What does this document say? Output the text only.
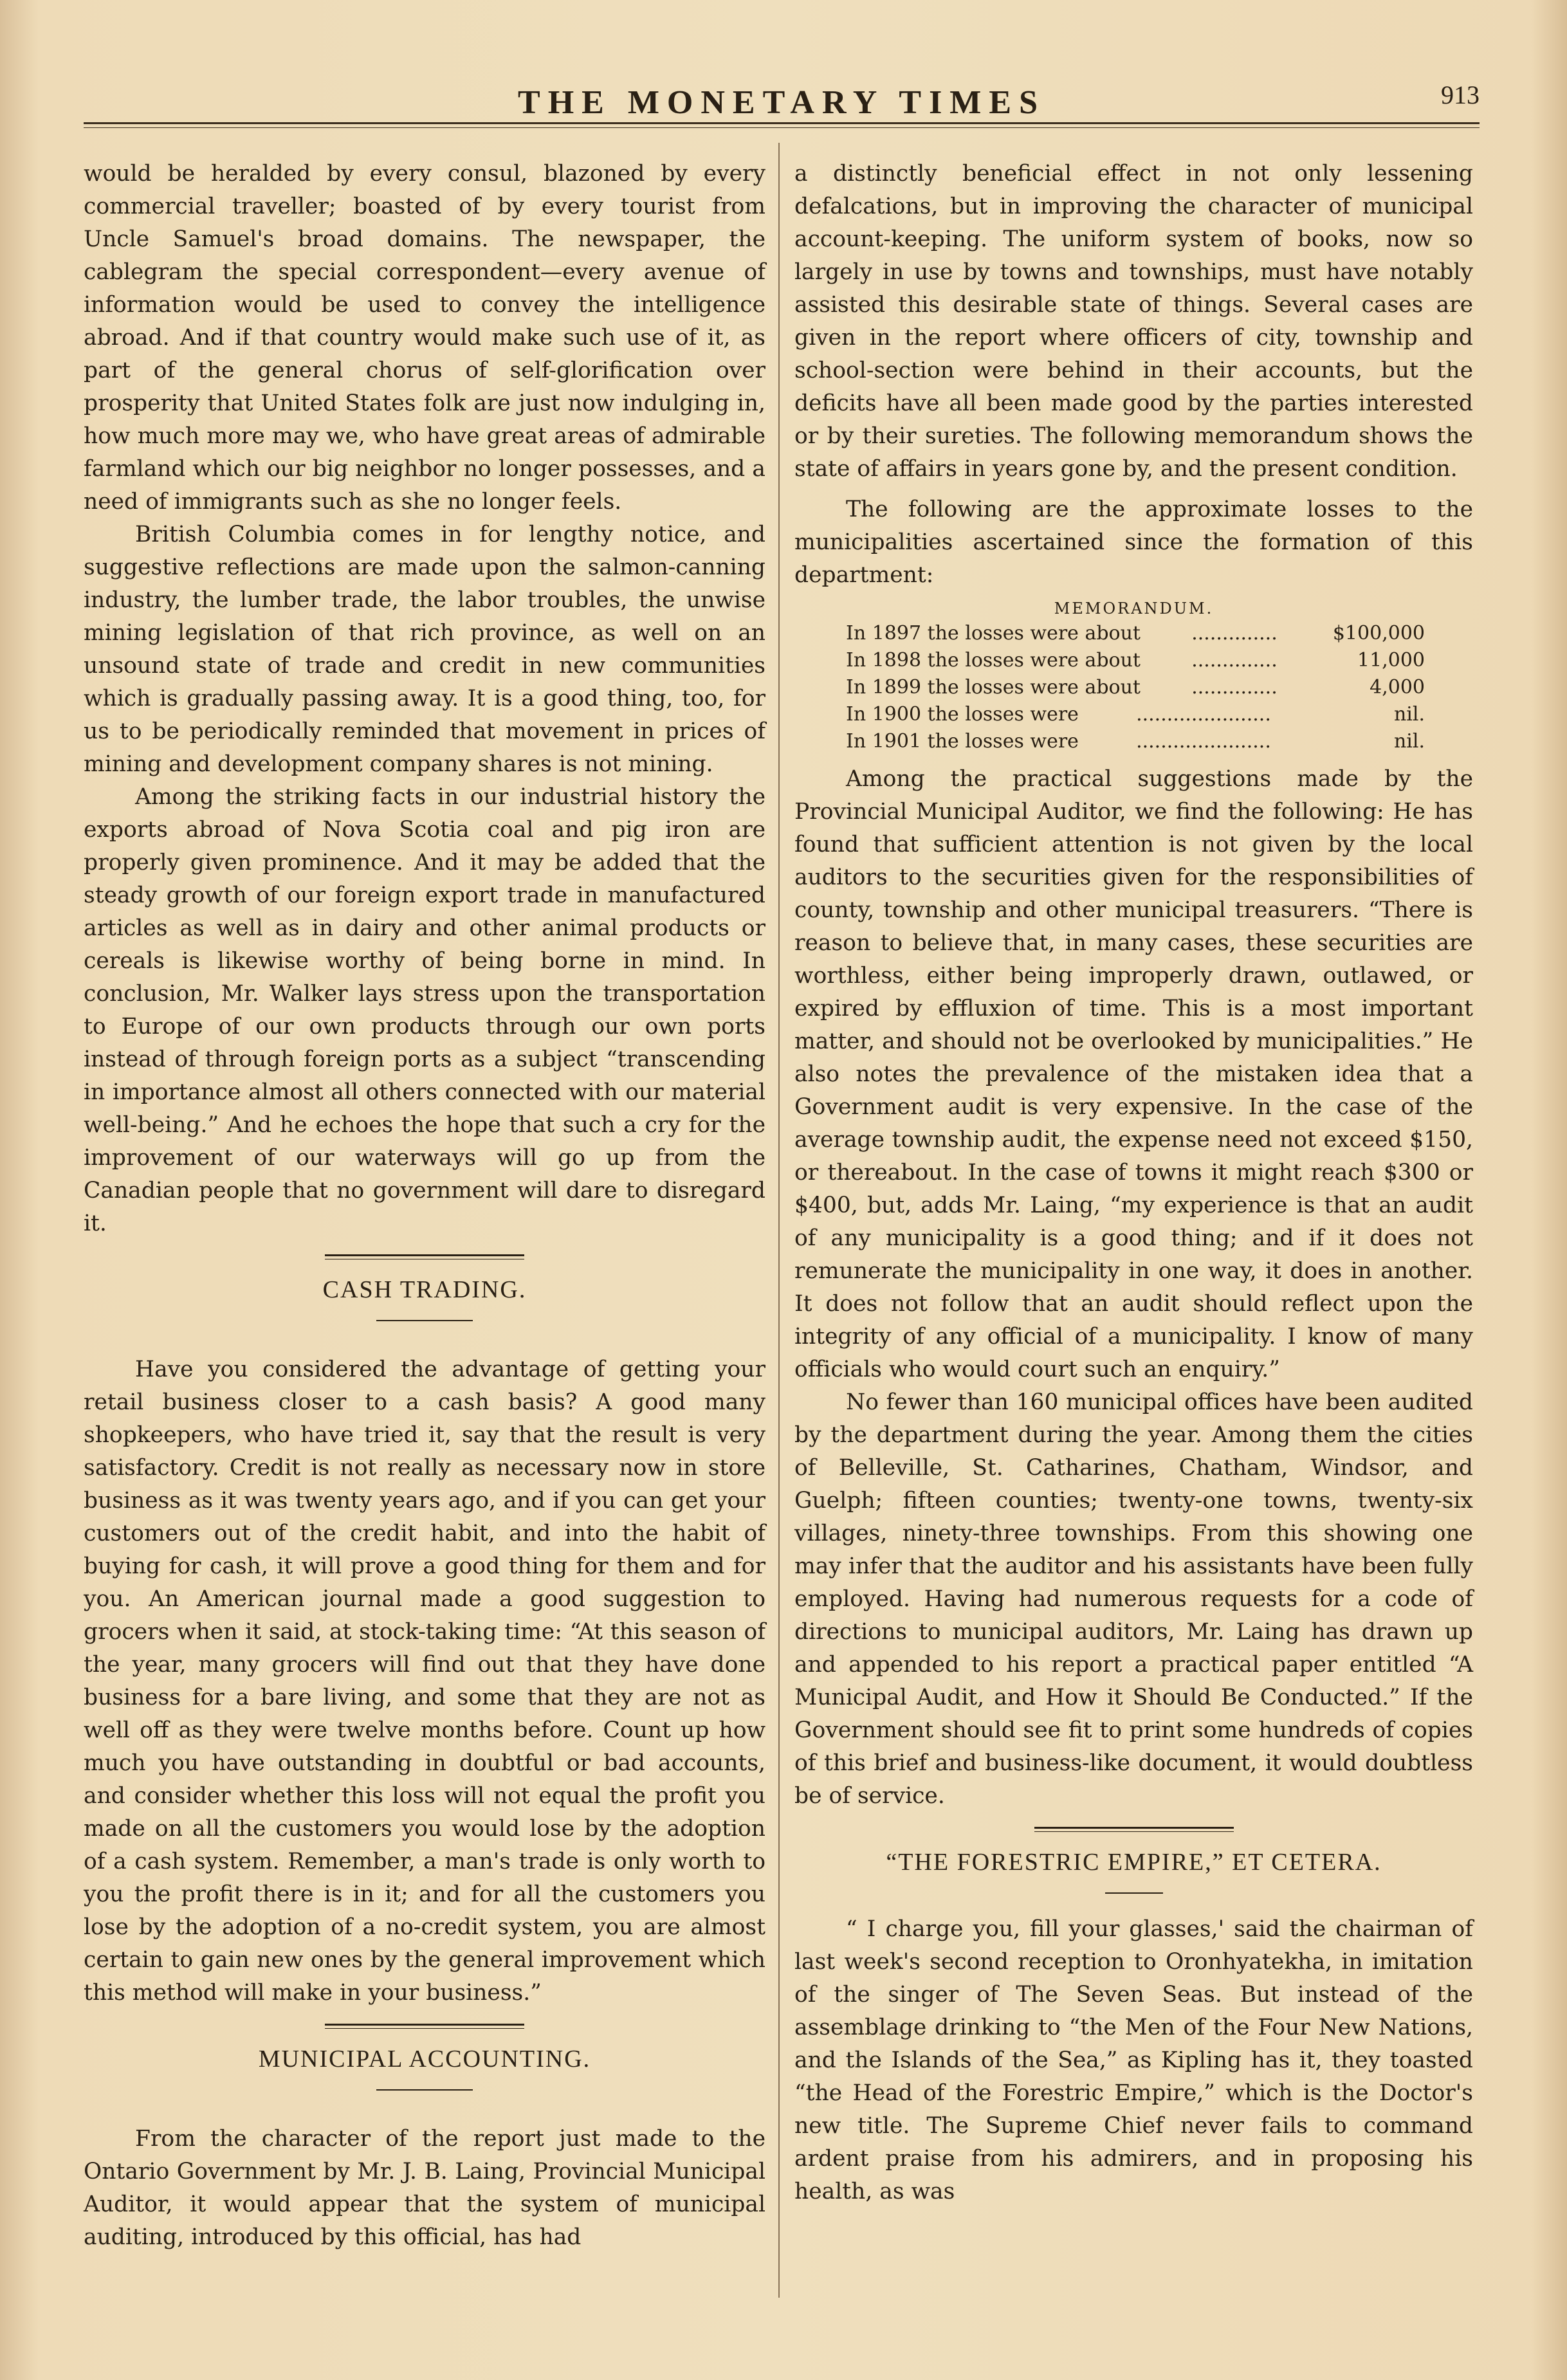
THE MONETARY TIMES	913

would be heralded by every consul, blazoned by every commercial traveller; boasted of by every tourist from Uncle Samuel's broad domains. The newspaper, the cablegram the special correspondent—every avenue of information would be used to convey the intelligence abroad. And if that country would make such use of it, as part of the general chorus of self-glorification over prosperity that United States folk are just now indulging in, how much more may we, who have great areas of admirable farmland which our big neighbor no longer possesses, and a need of immigrants such as she no longer feels.

British Columbia comes in for lengthy notice, and suggestive reflections are made upon the salmon-canning industry, the lumber trade, the labor troubles, the unwise mining legislation of that rich province, as well on an unsound state of trade and credit in new communities which is gradually passing away. It is a good thing, too, for us to be periodically reminded that movement in prices of mining and development company shares is not mining.

Among the striking facts in our industrial history the exports abroad of Nova Scotia coal and pig iron are properly given prominence. And it may be added that the steady growth of our foreign export trade in manufactured articles as well as in dairy and other animal products or cereals is likewise worthy of being borne in mind. In conclusion, Mr. Walker lays stress upon the transportation to Europe of our own products through our own ports instead of through foreign ports as a subject “transcending in importance almost all others connected with our material well-being.” And he echoes the hope that such a cry for the improvement of our waterways will go up from the Canadian people that no government will dare to disregard it.

CASH TRADING.

Have you considered the advantage of getting your retail business closer to a cash basis? A good many shopkeepers, who have tried it, say that the result is very satisfactory. Credit is not really as necessary now in store business as it was twenty years ago, and if you can get your customers out of the credit habit, and into the habit of buying for cash, it will prove a good thing for them and for you. An American journal made a good suggestion to grocers when it said, at stock-taking time: “At this season of the year, many grocers will find out that they have done business for a bare living, and some that they are not as well off as they were twelve months before. Count up how much you have outstanding in doubtful or bad accounts, and consider whether this loss will not equal the profit you made on all the customers you would lose by the adoption of a cash system. Remember, a man's trade is only worth to you the profit there is in it; and for all the customers you lose by the adoption of a no-credit system, you are almost certain to gain new ones by the general improvement which this method will make in your business.”

MUNICIPAL ACCOUNTING.

From the character of the report just made to the Ontario Government by Mr. J. B. Laing, Provincial Municipal Auditor, it would appear that the system of municipal auditing, introduced by this official, has had

a distinctly beneficial effect in not only lessening defalcations, but in improving the character of municipal account-keeping. The uniform system of books, now so largely in use by towns and townships, must have notably assisted this desirable state of things. Several cases are given in the report where officers of city, township and school-section were behind in their accounts, but the deficits have all been made good by the parties interested or by their sureties. The following memorandum shows the state of affairs in years gone by, and the present condition.

The following are the approximate losses to the municipalities ascertained since the formation of this department:

MEMORANDUM.
In 1897 the losses were about	..............	$100,000
In 1898 the losses were about	..............	11,000
In 1899 the losses were about	..............	4,000
In 1900 the losses were	......................	nil.
In 1901 the losses were	......................	nil.

Among the practical suggestions made by the Provincial Municipal Auditor, we find the following: He has found that sufficient attention is not given by the local auditors to the securities given for the responsibilities of county, township and other municipal treasurers. “There is reason to believe that, in many cases, these securities are worthless, either being improperly drawn, outlawed, or expired by effluxion of time. This is a most important matter, and should not be overlooked by municipalities.” He also notes the prevalence of the mistaken idea that a Government audit is very expensive. In the case of the average township audit, the expense need not exceed $150, or thereabout. In the case of towns it might reach $300 or $400, but, adds Mr. Laing, “my experience is that an audit of any municipality is a good thing; and if it does not remunerate the municipality in one way, it does in another. It does not follow that an audit should reflect upon the integrity of any official of a municipality. I know of many officials who would court such an enquiry.”

No fewer than 160 municipal offices have been audited by the department during the year. Among them the cities of Belleville, St. Catharines, Chatham, Windsor, and Guelph; fifteen counties; twenty-one towns, twenty-six villages, ninety-three townships. From this showing one may infer that the auditor and his assistants have been fully employed. Having had numerous requests for a code of directions to municipal auditors, Mr. Laing has drawn up and appended to his report a practical paper entitled “A Municipal Audit, and How it Should Be Conducted.” If the Government should see fit to print some hundreds of copies of this brief and business-like document, it would doubtless be of service.

“THE FORESTRIC EMPIRE,” ET CETERA.

“ I charge you, fill your glasses,' said the chairman of last week's second reception to Oronhyatekha, in imitation of the singer of The Seven Seas. But instead of the assemblage drinking to “the Men of the Four New Nations, and the Islands of the Sea,” as Kipling has it, they toasted “the Head of the Forestric Empire,” which is the Doctor's new title. The Supreme Chief never fails to command ardent praise from his admirers, and in proposing his health, as was
